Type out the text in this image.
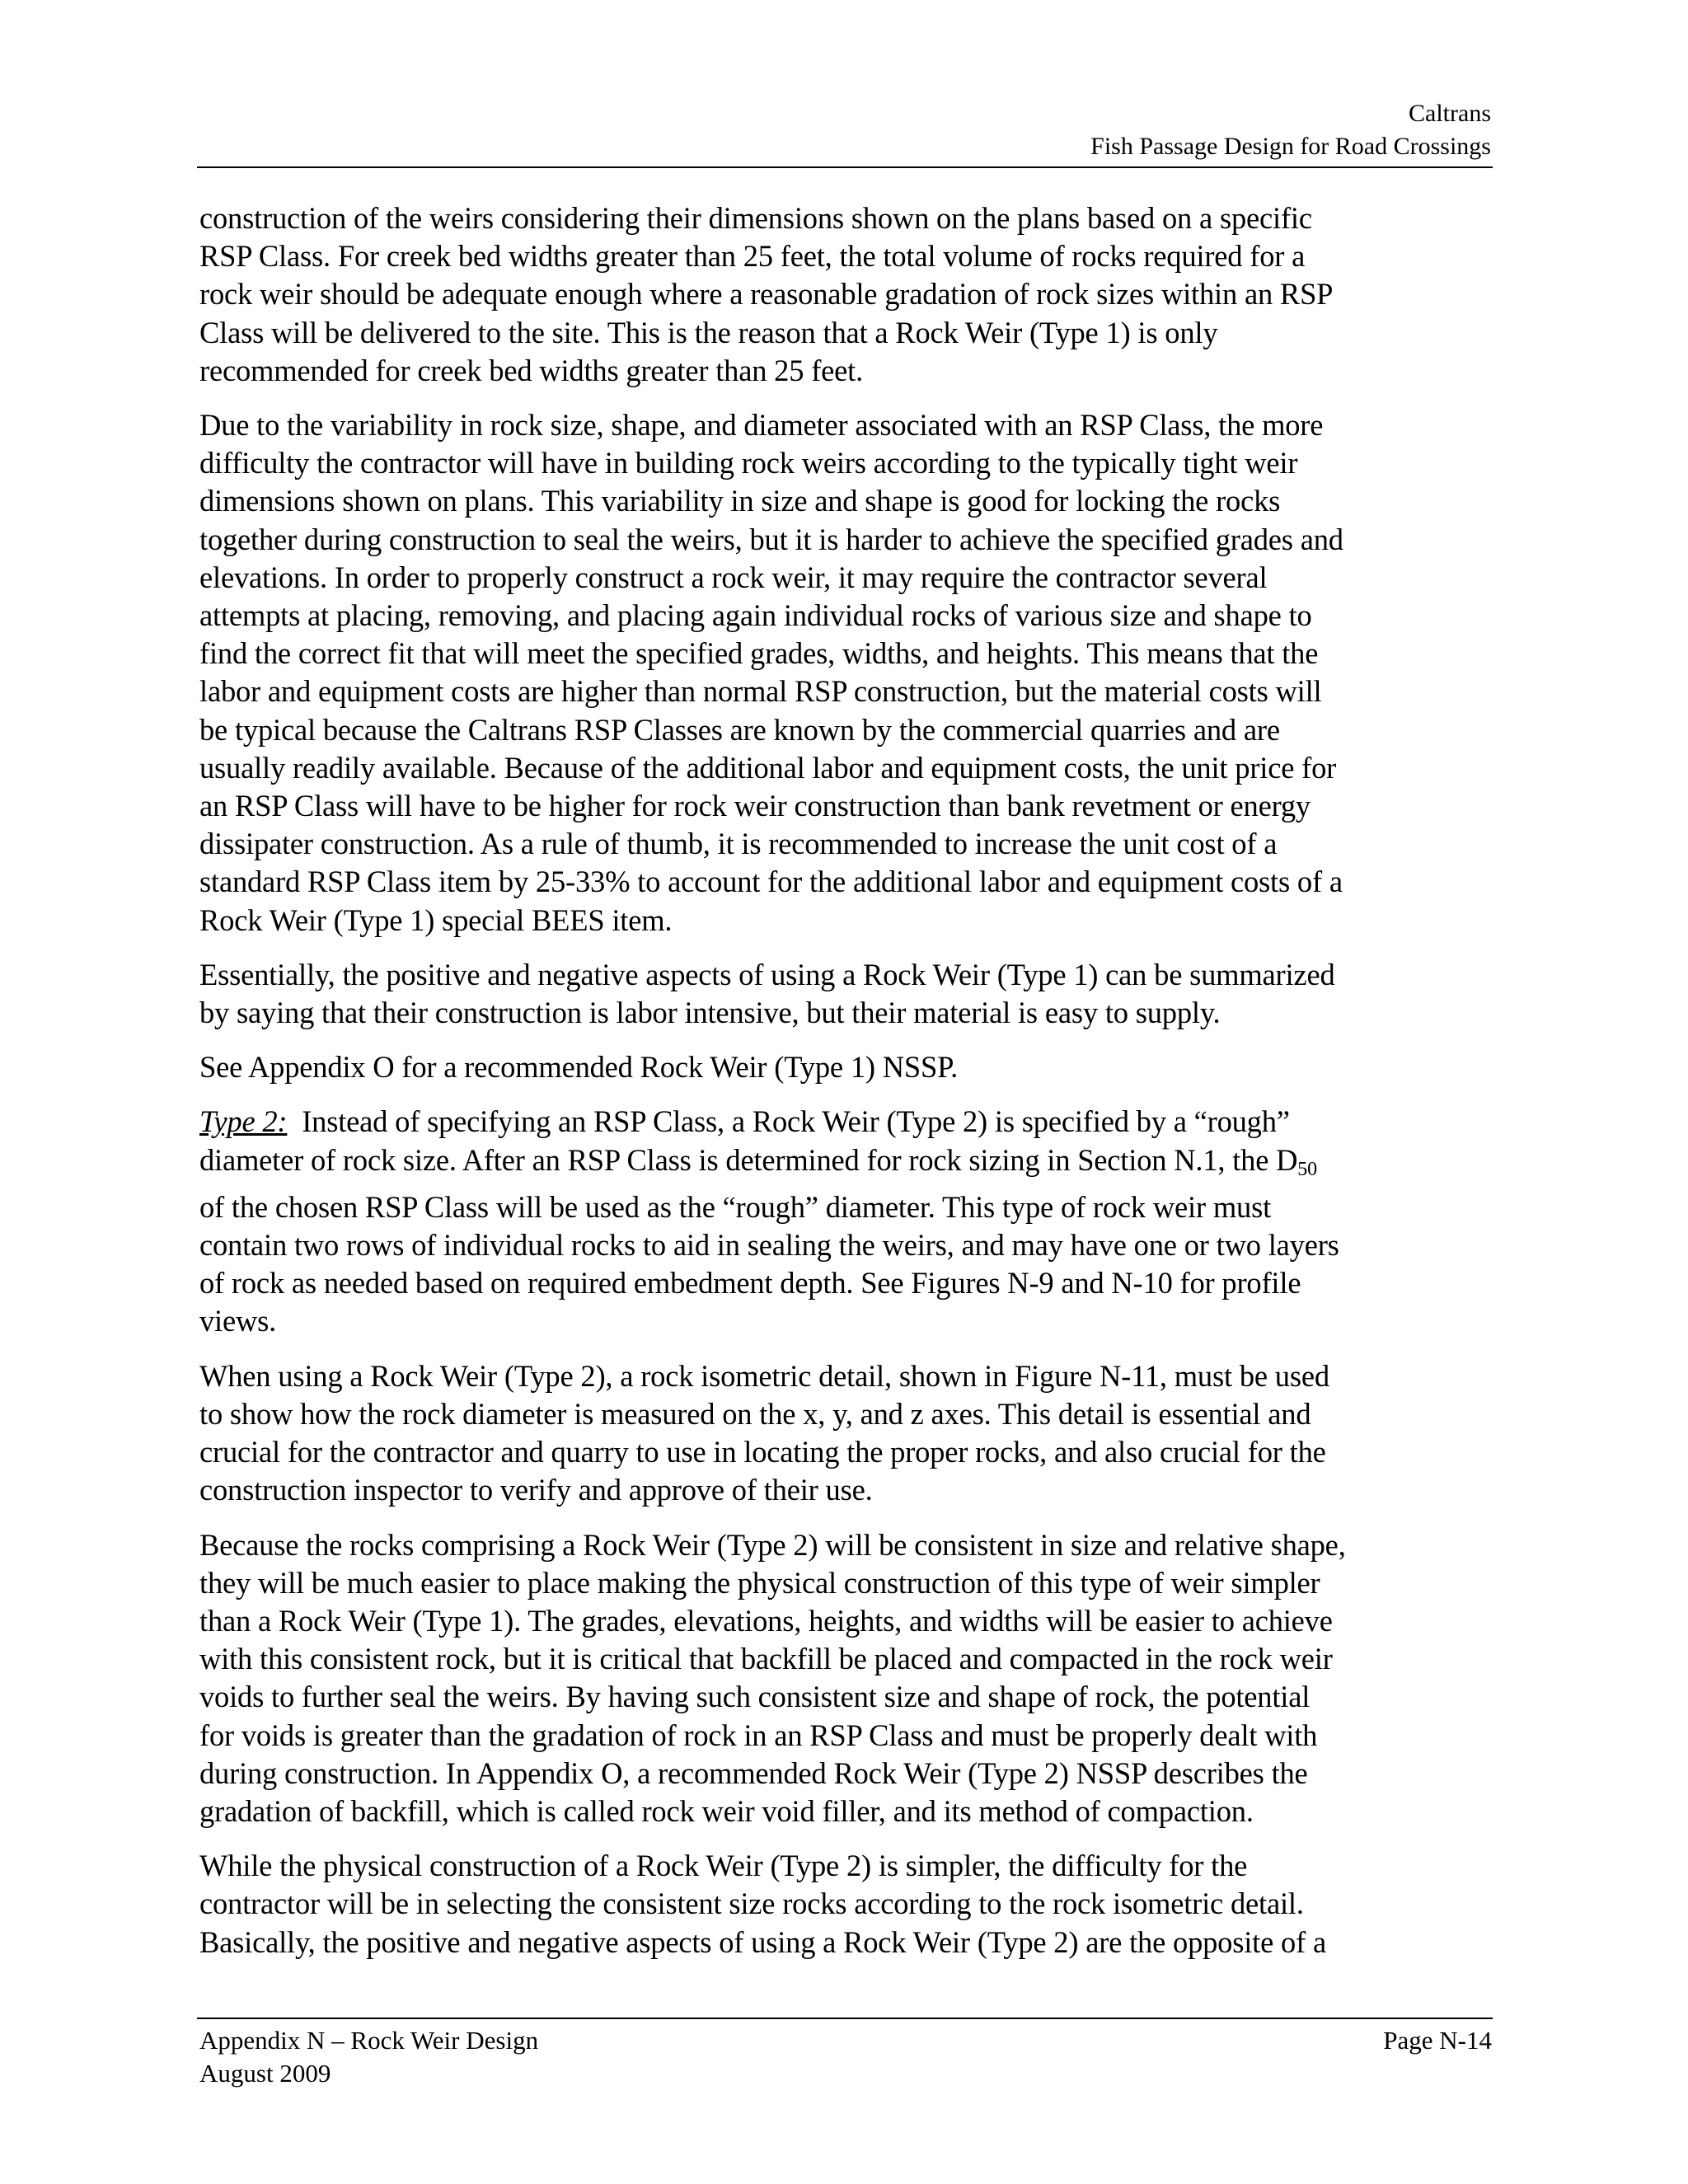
Caltrans
Fish Passage Design for Road Crossings

construction of the weirs considering their dimensions shown on the plans based on a specific
RSP Class. For creek bed widths greater than 25 feet, the total volume of rocks required for a
rock weir should be adequate enough where a reasonable gradation of rock sizes within an RSP
Class will be delivered to the site. This is the reason that a Rock Weir (Type 1) is only
recommended for creek bed widths greater than 25 feet.

Due to the variability in rock size, shape, and diameter associated with an RSP Class, the more
difficulty the contractor will have in building rock weirs according to the typically tight weir
dimensions shown on plans. This variability in size and shape is good for locking the rocks
together during construction to seal the weirs, but it is harder to achieve the specified grades and
elevations. In order to properly construct a rock weir, it may require the contractor several
attempts at placing, removing, and placing again individual rocks of various size and shape to
find the correct fit that will meet the specified grades, widths, and heights. This means that the
labor and equipment costs are higher than normal RSP construction, but the material costs will
be typical because the Caltrans RSP Classes are known by the commercial quarries and are
usually readily available. Because of the additional labor and equipment costs, the unit price for
an RSP Class will have to be higher for rock weir construction than bank revetment or energy
dissipater construction. As a rule of thumb, it is recommended to increase the unit cost of a
standard RSP Class item by 25-33% to account for the additional labor and equipment costs of a
Rock Weir (Type 1) special BEES item.

Essentially, the positive and negative aspects of using a Rock Weir (Type 1) can be summarized
by saying that their construction is labor intensive, but their material is easy to supply.

See Appendix O for a recommended Rock Weir (Type 1) NSSP.

Type 2:  Instead of specifying an RSP Class, a Rock Weir (Type 2) is specified by a “rough”
diameter of rock size. After an RSP Class is determined for rock sizing in Section N.1, the $D_{50}$
of the chosen RSP Class will be used as the “rough” diameter. This type of rock weir must
contain two rows of individual rocks to aid in sealing the weirs, and may have one or two layers
of rock as needed based on required embedment depth. See Figures N-9 and N-10 for profile
views.

When using a Rock Weir (Type 2), a rock isometric detail, shown in Figure N-11, must be used
to show how the rock diameter is measured on the x, y, and z axes. This detail is essential and
crucial for the contractor and quarry to use in locating the proper rocks, and also crucial for the
construction inspector to verify and approve of their use.

Because the rocks comprising a Rock Weir (Type 2) will be consistent in size and relative shape,
they will be much easier to place making the physical construction of this type of weir simpler
than a Rock Weir (Type 1). The grades, elevations, heights, and widths will be easier to achieve
with this consistent rock, but it is critical that backfill be placed and compacted in the rock weir
voids to further seal the weirs. By having such consistent size and shape of rock, the potential
for voids is greater than the gradation of rock in an RSP Class and must be properly dealt with
during construction. In Appendix O, a recommended Rock Weir (Type 2) NSSP describes the
gradation of backfill, which is called rock weir void filler, and its method of compaction.

While the physical construction of a Rock Weir (Type 2) is simpler, the difficulty for the
contractor will be in selecting the consistent size rocks according to the rock isometric detail.
Basically, the positive and negative aspects of using a Rock Weir (Type 2) are the opposite of a

Appendix N – Rock Weir Design
August 2009
Page N-14
